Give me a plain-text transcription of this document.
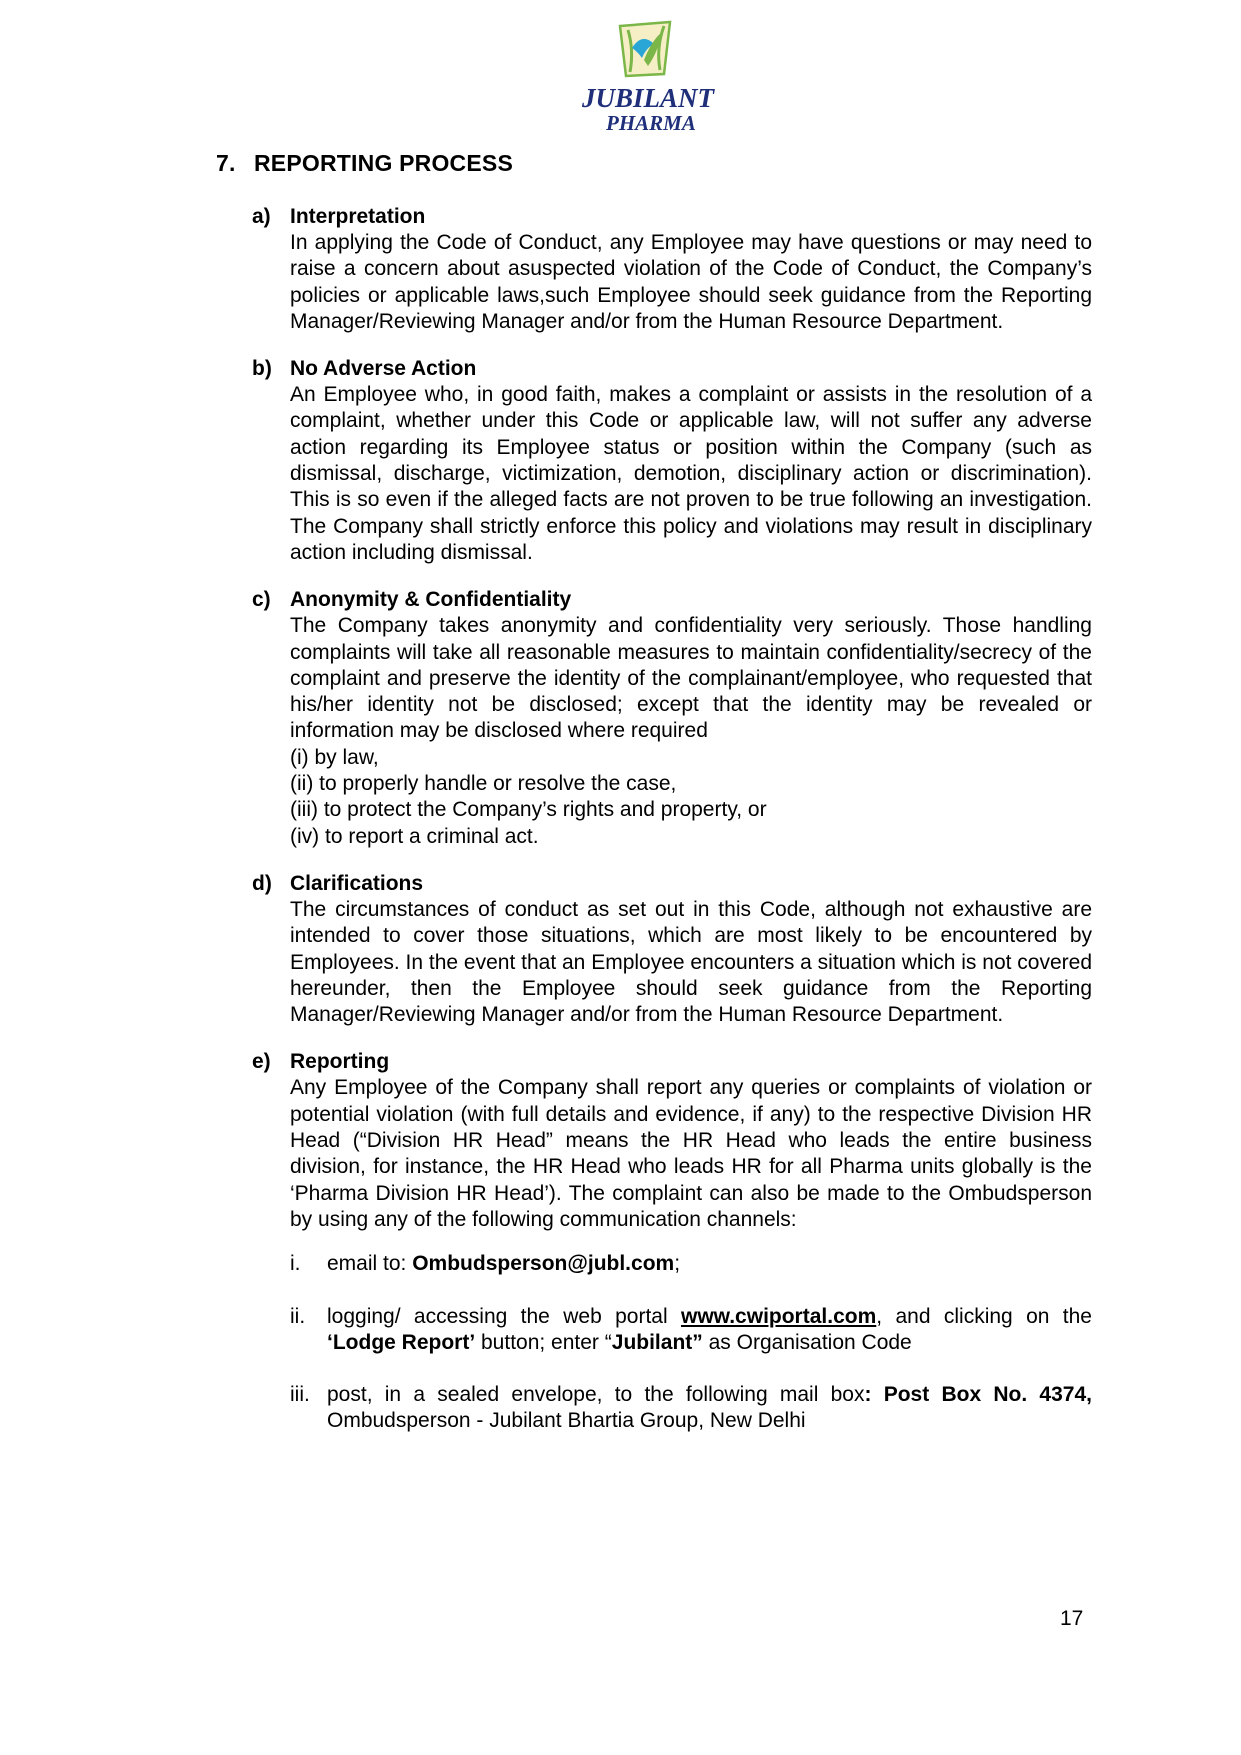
JUBILANT
PHARMA
7. REPORTING PROCESS
a) Interpretation
In applying the Code of Conduct, any Employee may have questions or may need to raise a concern about asuspected violation of the Code of Conduct, the Company’s policies or applicable laws,such Employee should seek guidance from the Reporting Manager/Reviewing Manager and/or from the Human Resource Department.
b) No Adverse Action
An Employee who, in good faith, makes a complaint or assists in the resolution of a complaint, whether under this Code or applicable law, will not suffer any adverse action regarding its Employee status or position within the Company (such as dismissal, discharge, victimization, demotion, disciplinary action or discrimination). This is so even if the alleged facts are not proven to be true following an investigation. The Company shall strictly enforce this policy and violations may result in disciplinary action including dismissal.
c) Anonymity & Confidentiality
The Company takes anonymity and confidentiality very seriously. Those handling complaints will take all reasonable measures to maintain confidentiality/secrecy of the complaint and preserve the identity of the complainant/employee, who requested that his/her identity not be disclosed; except that the identity may be revealed or information may be disclosed where required
(i) by law,
(ii) to properly handle or resolve the case,
(iii) to protect the Company’s rights and property, or
(iv) to report a criminal act.
d) Clarifications
The circumstances of conduct as set out in this Code, although not exhaustive are intended to cover those situations, which are most likely to be encountered by Employees. In the event that an Employee encounters a situation which is not covered hereunder, then the Employee should seek guidance from the Reporting Manager/Reviewing Manager and/or from the Human Resource Department.
e) Reporting
Any Employee of the Company shall report any queries or complaints of violation or potential violation (with full details and evidence, if any) to the respective Division HR Head (“Division HR Head” means the HR Head who leads the entire business division, for instance, the HR Head who leads HR for all Pharma units globally is the ‘Pharma Division HR Head’). The complaint can also be made to the Ombudsperson by using any of the following communication channels:
i. email to: Ombudsperson@jubl.com;
ii. logging/ accessing the web portal www.cwiportal.com, and clicking on the ‘Lodge Report’ button; enter “Jubilant” as Organisation Code
iii. post, in a sealed envelope, to the following mail box: Post Box No. 4374, Ombudsperson - Jubilant Bhartia Group, New Delhi
17
